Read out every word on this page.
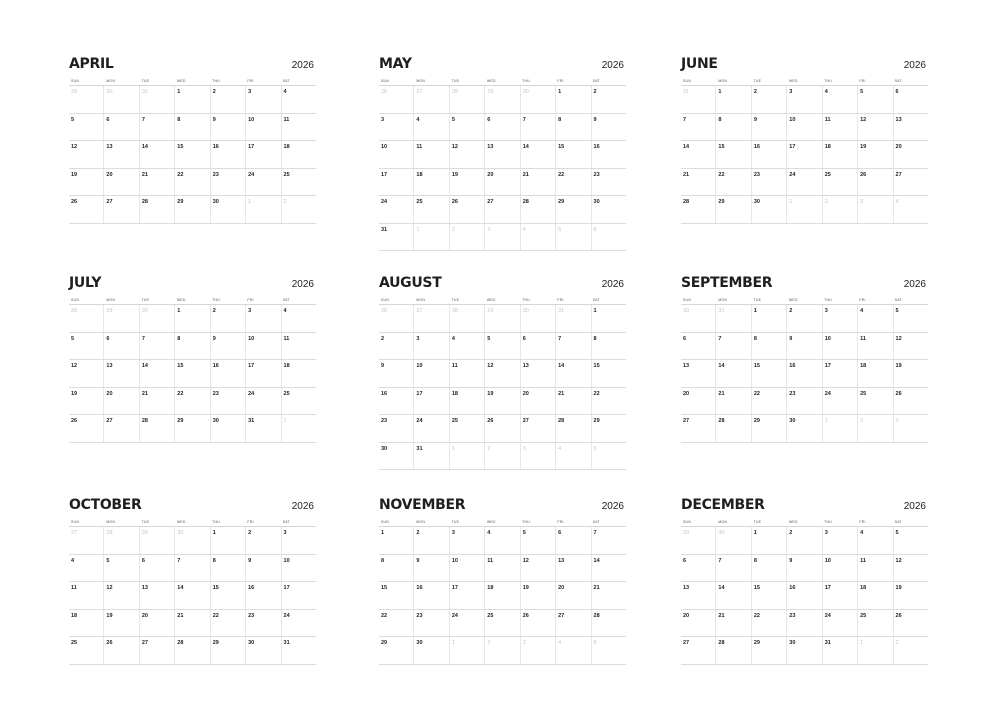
APRIL	2026
SUN	MON	TUE	WED	THU	FRI	SAT
29	30	31	1	2	3	4
5	6	7	8	9	10	11
12	13	14	15	16	17	18
19	20	21	22	23	24	25
26	27	28	29	30	1	2
MAY	2026
SUN	MON	TUE	WED	THU	FRI	SAT
26	27	28	29	30	1	2
3	4	5	6	7	8	9
10	11	12	13	14	15	16
17	18	19	20	21	22	23
24	25	26	27	28	29	30
31	1	2	3	4	5	6
JUNE	2026
SUN	MON	TUE	WED	THU	FRI	SAT
31	1	2	3	4	5	6
7	8	9	10	11	12	13
14	15	16	17	18	19	20
21	22	23	24	25	26	27
28	29	30	1	2	3	4
JULY	2026
SUN	MON	TUE	WED	THU	FRI	SAT
28	29	30	1	2	3	4
5	6	7	8	9	10	11
12	13	14	15	16	17	18
19	20	21	22	23	24	25
26	27	28	29	30	31	1
AUGUST	2026
SUN	MON	TUE	WED	THU	FRI	SAT
26	27	28	29	30	31	1
2	3	4	5	6	7	8
9	10	11	12	13	14	15
16	17	18	19	20	21	22
23	24	25	26	27	28	29
30	31	1	2	3	4	5
SEPTEMBER	2026
SUN	MON	TUE	WED	THU	FRI	SAT
30	31	1	2	3	4	5
6	7	8	9	10	11	12
13	14	15	16	17	18	19
20	21	22	23	24	25	26
27	28	29	30	1	2	3
OCTOBER	2026
SUN	MON	TUE	WED	THU	FRI	SAT
27	28	29	30	1	2	3
4	5	6	7	8	9	10
11	12	13	14	15	16	17
18	19	20	21	22	23	24
25	26	27	28	29	30	31
NOVEMBER	2026
SUN	MON	TUE	WED	THU	FRI	SAT
1	2	3	4	5	6	7
8	9	10	11	12	13	14
15	16	17	18	19	20	21
22	23	24	25	26	27	28
29	30	1	2	3	4	5
DECEMBER	2026
SUN	MON	TUE	WED	THU	FRI	SAT
29	30	1	2	3	4	5
6	7	8	9	10	11	12
13	14	15	16	17	18	19
20	21	22	23	24	25	26
27	28	29	30	31	1	2
